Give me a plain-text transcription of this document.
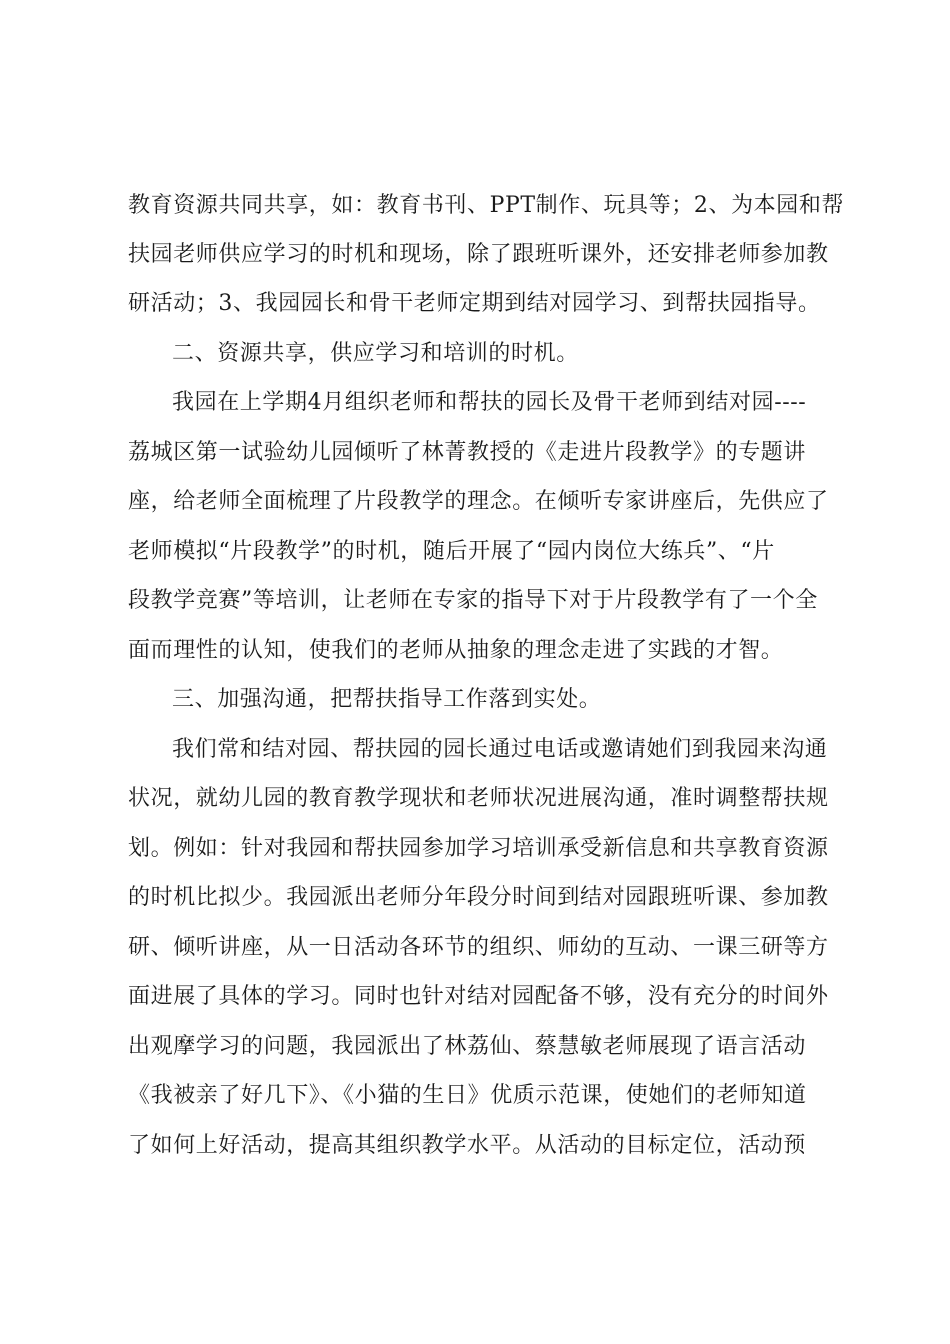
教育资源共同共享，如：教育书刊、PPT制作、玩具等；2、为本园和帮
扶园老师供应学习的时机和现场，除了跟班听课外，还安排老师参加教
研活动；3、我园园长和骨干老师定期到结对园学习、到帮扶园指导。
二、资源共享，供应学习和培训的时机。
我园在上学期4月组织老师和帮扶的园长及骨干老师到结对园----
荔城区第一试验幼儿园倾听了林菁教授的《走进片段教学》的专题讲
座，给老师全面梳理了片段教学的理念。在倾听专家讲座后，先供应了
老师模拟“片段教学”的时机，随后开展了“园内岗位大练兵”、“片
段教学竞赛”等培训，让老师在专家的指导下对于片段教学有了一个全
面而理性的认知，使我们的老师从抽象的理念走进了实践的才智。
三、加强沟通，把帮扶指导工作落到实处。
我们常和结对园、帮扶园的园长通过电话或邀请她们到我园来沟通
状况，就幼儿园的教育教学现状和老师状况进展沟通，准时调整帮扶规
划。例如：针对我园和帮扶园参加学习培训承受新信息和共享教育资源
的时机比拟少。我园派出老师分年段分时间到结对园跟班听课、参加教
研、倾听讲座，从一日活动各环节的组织、师幼的互动、一课三研等方
面进展了具体的学习。同时也针对结对园配备不够，没有充分的时间外
出观摩学习的问题，我园派出了林荔仙、蔡慧敏老师展现了语言活动
《我被亲了好几下》、《小猫的生日》优质示范课，使她们的老师知道
了如何上好活动，提高其组织教学水平。从活动的目标定位，活动预
